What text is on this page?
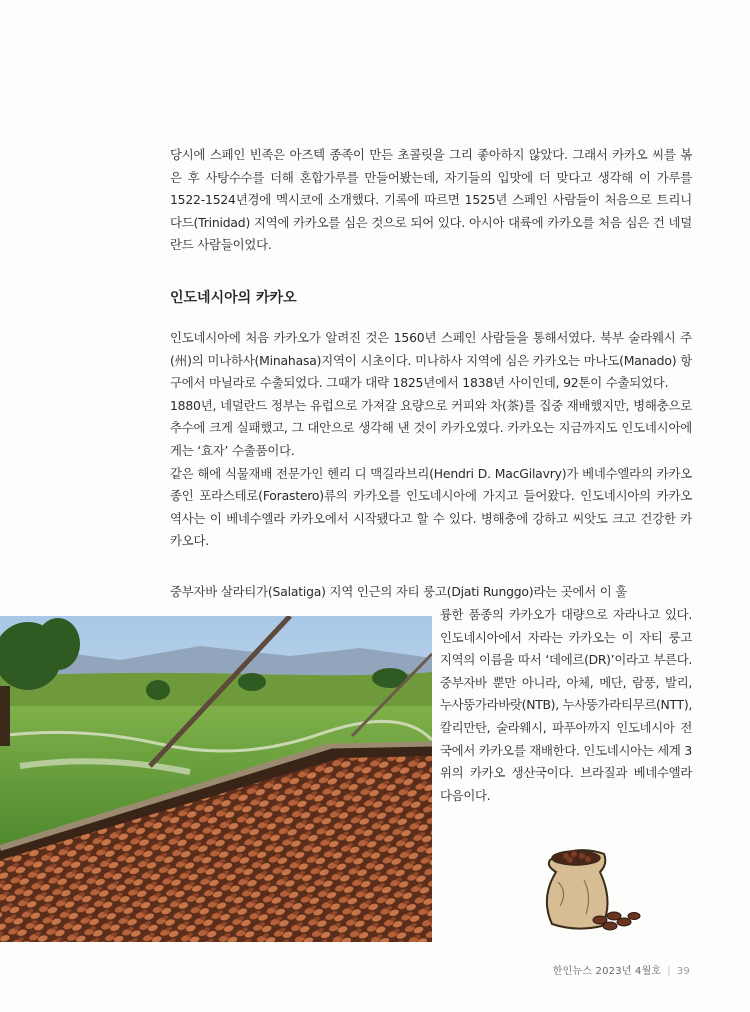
당시에 스페인 빈족은 아즈텍 종족이 만든 초콜릿을 그리 좋아하지 않았다. 그래서 카카오 씨를 볶은 후 사탕수수를 더해 혼합가루를 만들어봤는데, 자기들의 입맛에 더 맞다고 생각해 이 가루를 1522-1524년경에 멕시코에 소개했다. 기록에 따르면 1525년 스페인 사람들이 처음으로 트리니다드(Trinidad) 지역에 카카오를 심은 것으로 되어 있다. 아시아 대륙에 카카오를 처음 심은 건 네덜란드 사람들이었다.

인도네시아의 카카오

인도네시아에 처음 카카오가 알려진 것은 1560년 스페인 사람들을 통해서였다. 북부 술라웨시 주(州)의 미나하사(Minahasa)지역이 시초이다. 미나하사 지역에 심은 카카오는 마나도(Manado) 항구에서 마닐라로 수출되었다. 그때가 대략 1825년에서 1838년 사이인데, 92톤이 수출되었다.

1880년, 네덜란드 정부는 유럽으로 가져갈 요량으로 커피와 차(茶)를 집중 재배했지만, 병해충으로 추수에 크게 실패했고, 그 대안으로 생각해 낸 것이 카카오였다. 카카오는 지금까지도 인도네시아에게는 ‘효자’ 수출품이다.

같은 해에 식물재배 전문가인 헨리 디 맥길라브리(Hendri D. MacGilavry)가 베네수엘라의 카카오 종인 포라스테로(Forastero)류의 카카오를 인도네시아에 가지고 들어왔다. 인도네시아의 카카오 역사는 이 베네수엘라 카카오에서 시작됐다고 할 수 있다. 병해충에 강하고 씨앗도 크고 건강한 카카오다.

중부자바 살라티가(Salatiga) 지역 인근의 자티 룽고(Djati Runggo)라는 곳에서 이 훌

륭한 품종의 카카오가 대량으로 자라나고 있다. 인도네시아에서 자라는 카카오는 이 자티 룽고 지역의 이름을 따서 ‘데에르(DR)’이라고 부른다. 중부자바 뿐만 아니라, 아체, 메단, 람풍, 발리, 누사뚱가라바랏(NTB), 누사뚱가라티무르(NTT), 칼리만탄, 술라웨시, 파푸아까지 인도네시아 전국에서 카카오를 재배한다. 인도네시아는 세계 3위의 카카오 생산국이다. 브라질과 베네수엘라 다음이다.

한인뉴스 2023년 4월호 | 39
